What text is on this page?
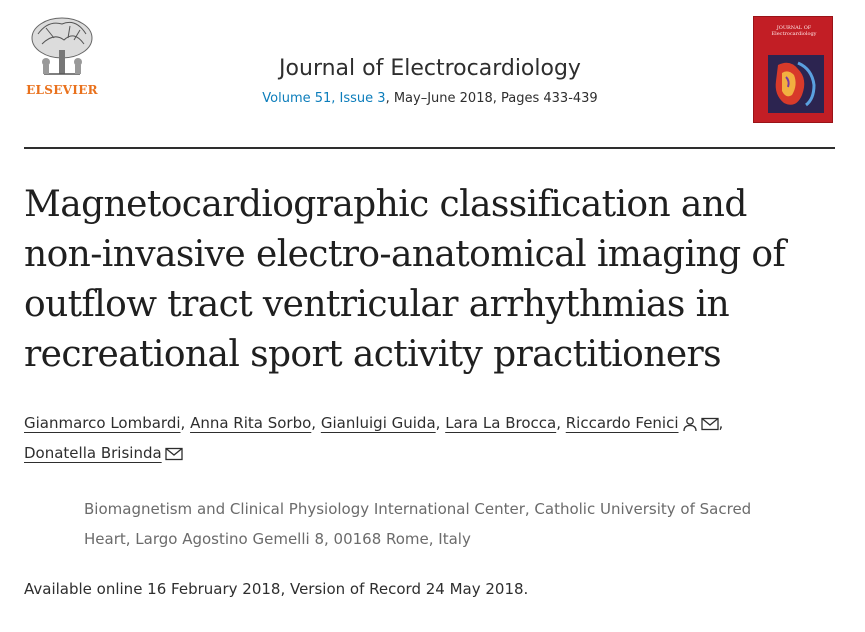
ELSEVIER
Journal of Electrocardiology
Volume 51, Issue 3, May–June 2018, Pages 433-439
JOURNAL OF Electrocardiology
Magnetocardiographic classification and
non-invasive electro-anatomical imaging of
outflow tract ventricular arrhythmias in
recreational sport activity practitioners
Gianmarco Lombardi, Anna Rita Sorbo, Gianluigi Guida, Lara La Brocca, Riccardo Fenici	,
Donatella Brisinda
Biomagnetism and Clinical Physiology International Center, Catholic University of Sacred
Heart, Largo Agostino Gemelli 8, 00168 Rome, Italy
Available online 16 February 2018, Version of Record 24 May 2018.
